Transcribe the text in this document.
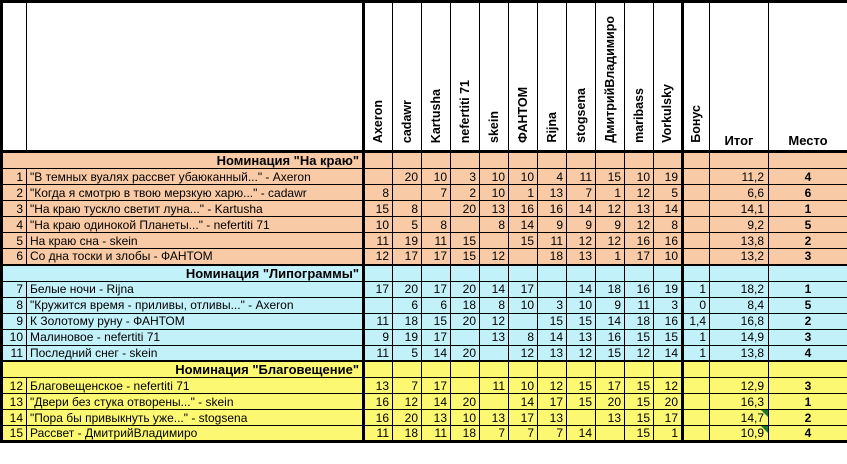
		Axeron	cadawr	Kartusha	nefertiti 71	skein	ФАНТОМ	Rijna	stogsena	ДмитрийВладимиро	maribass	Vorkulsky	Бонус	Итог	Место
Номинация "На краю"															
1	"В темных вуалях рассвет убаюканный..." - Axeron		20	10	3	10	10	4	11	15	10	19		11,2	4
2	"Когда я смотрю в твою мерзкую харю..." - cadawr	8		7	2	10	1	13	7	1	12	5		6,6	6
3	"На краю тускло светит луна..." - Kartusha	15	8		20	13	16	16	14	12	13	14		14,1	1
4	"На краю одинокой Планеты..." - nefertiti 71	10	5	8		8	14	9	9	9	12	8		9,2	5
5	На краю сна - skein	11	19	11	15		15	11	12	12	16	16		13,8	2
6	Со дна тоски и злобы - ФАНТОМ	12	17	17	15	12		18	13	1	17	10		13,2	3
Номинация "Липограммы"															
7	Белые ночи - Rijna	17	20	17	20	14	17		14	18	16	19	1	18,2	1
8	"Кружится время - приливы, отливы..." - Axeron		6	6	18	8	10	3	10	9	11	3	0	8,4	5
9	К Золотому руну - ФАНТОМ	11	18	15	20	12		15	15	14	18	16	1,4	16,8	2
10	Малиновое - nefertiti 71	9	19	17		13	8	14	13	16	15	15	1	14,9	3
11	Последний снег - skein	11	5	14	20		12	13	12	15	12	14	1	13,8	4
Номинация "Благовещение"															
12	Благовещенское - nefertiti 71	13	7	17		11	10	12	15	17	15	12		12,9	3
13	"Двери без стука отворены..." - skein	16	12	14	20		14	17	15	20	15	20		16,3	1
14	"Пора бы привыкнуть уже..." - stogsena	16	20	13	10	13	17	13		13	15	17		14,7	2
15	Рассвет - ДмитрийВладимиро	11	18	11	18	7	7	7	14		15	1		10,9	4
